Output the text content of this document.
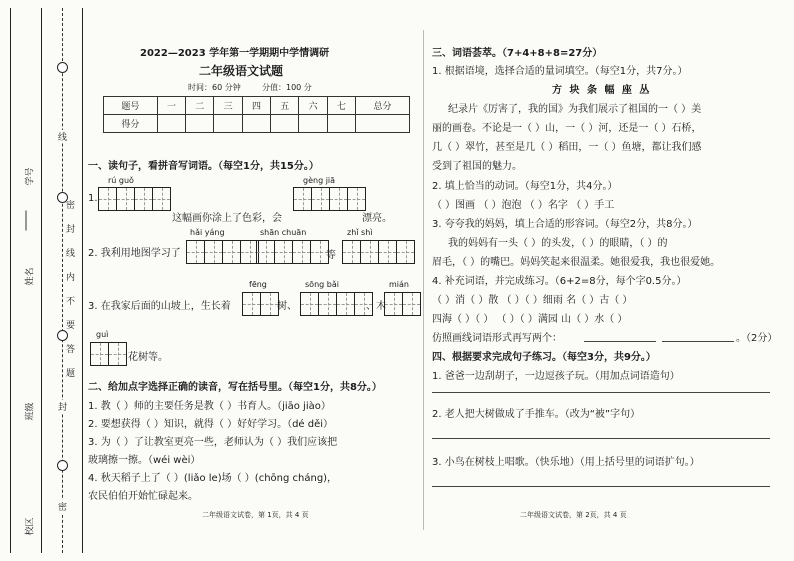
学号
姓名
班级
校区
密
封
线
内
不
要
答
题
线
封
密
2022—2023 学年第一学期期中学情调研
二年级语文试题
时间：60 分钟	分值：100 分
题号	一	二	三	四	五	六	七	总分
得分								
一、读句子，看拼音写词语。（每空1分，共15分。）
rú guǒ	gèng jiā
1.
这幅画你涂上了色彩，会	漂亮。
hǎi yáng	shān chuān	zhǐ shì
2. 我利用地图学习了	等
fēng	sōng bǎi	mián
3. 在我家后面的山坡上，生长着	树、	、木
guì
花树等。
二、给加点字选择正确的读音，写在括号里。（每空1分，共8分。）
1. 教（ ）师的主要任务是教（ ）书育人。（jiāo jiào）
2. 要想获得（ ）知识，就得（ ）好好学习。（dé děi）
3. 为（ ）了让教室更亮一些，老师认为（ ）我们应该把
玻璃擦一擦。（wéi wèi）
4. 秋天稻子上了（ ）(liǎo le)场（ ）(chōng cháng)，
农民伯伯开始忙碌起来。
二年级语文试卷，第 1页，共 4 页
三、词语荟萃。（7+4+8+8=27分）
1. 根据语境，选择合适的量词填空。（每空1分，共7分。）
方 块 条 幅 座 丛
纪录片《厉害了，我的国》为我们展示了祖国的一（ ）美
丽的画卷。不论是一（ ）山，一（ ）河，还是一（ ）石桥，
几（ ）翠竹，甚至是几（ ）稻田，一（ ）鱼塘，都让我们感
受到了祖国的魅力。
2. 填上恰当的动词。（每空1分，共4分。）
（ ）图画 （ ）泡泡 （ ）名字 （ ）手工
3. 夸夸我的妈妈，填上合适的形容词。（每空2分，共8分。）
我的妈妈有一头（ ）的头发，（ ）的眼睛，（ ）的
眉毛，（ ）的嘴巴。妈妈笑起来很温柔。她很爱我，我也很爱她。
4. 补充词语，并完成练习。（6+2=8分，每个字0.5分。）
（ ）消（ ）散 （ ）（ ）细雨 名（ ）古（ ）
四海（ ）（ ） （ ）（ ）满园 山（ ）水（ ）
仿照画线词语形式再写两个：	。（2分）
四、根据要求完成句子练习。（每空3分，共9分。）
1. 爸爸一边刮胡子，一边逗孩子玩。（用加点词语造句）
2. 老人把大树做成了手推车。（改为“被”字句）
3. 小鸟在树枝上唱歌。（快乐地）（用上括号里的词语扩句。）
二年级语文试卷，第 2页，共 4 页
